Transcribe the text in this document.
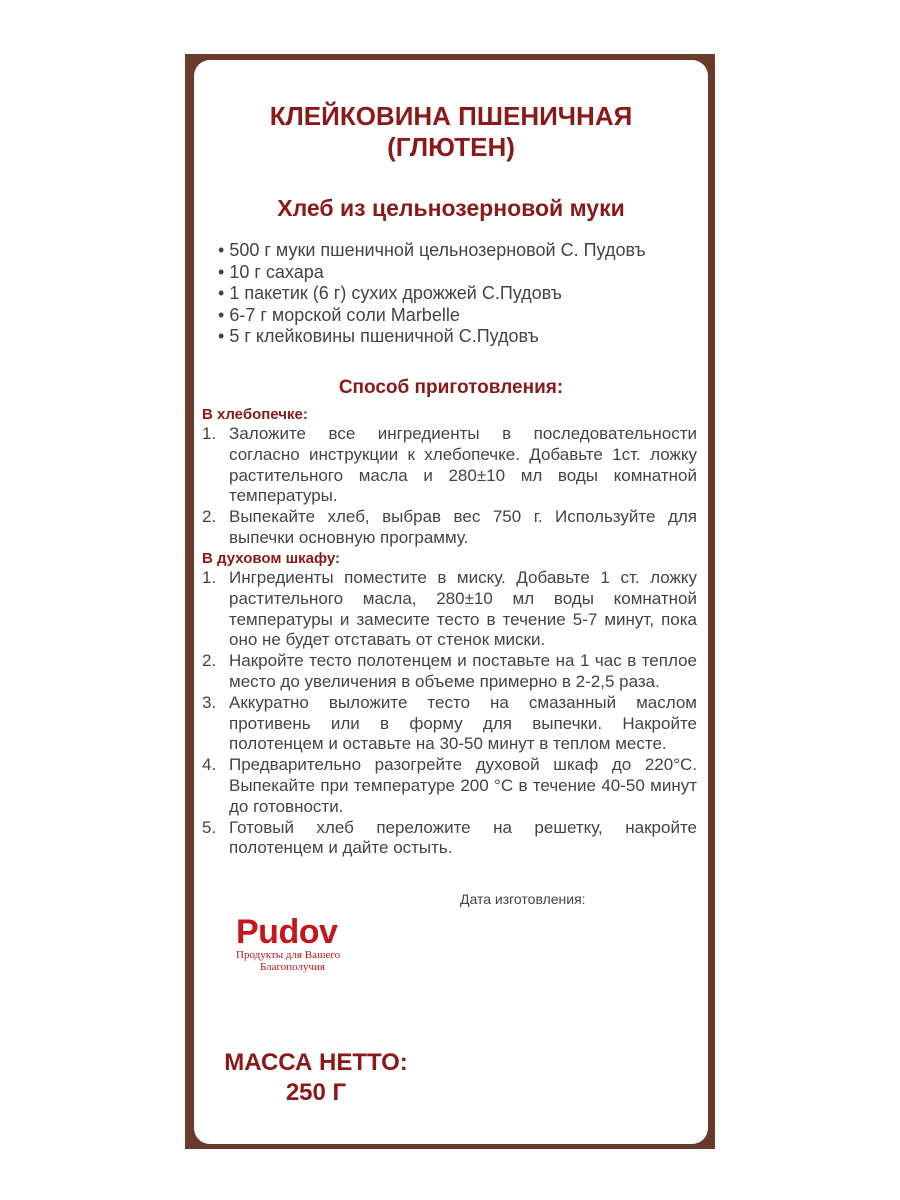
КЛЕЙКОВИНА ПШЕНИЧНАЯ
(ГЛЮТЕН)
Хлеб из цельнозерновой муки
• 500 г муки пшеничной цельнозерновой С. Пудовъ
• 10 г сахара
• 1 пакетик (6 г) сухих дрожжей С.Пудовъ
• 6-7 г морской соли Marbelle
• 5 г клейковины пшеничной С.Пудовъ
Способ приготовления:
В хлебопечке:
1. Заложите все ингредиенты в последовательности согласно инструкции к хлебопечке. Добавьте 1ст. ложку растительного масла и 280±10 мл воды комнатной температуры.
2. Выпекайте хлеб, выбрав вес 750 г. Используйте для выпечки основную программу.
В духовом шкафу:
1. Ингредиенты поместите в миску. Добавьте 1 ст. ложку растительного масла, 280±10 мл воды комнатной температуры и замесите тесто в течение 5-7 минут, пока оно не будет отставать от стенок миски.
2. Накройте тесто полотенцем и поставьте на 1 час в теплое место до увеличения в объеме примерно в 2-2,5 раза.
3. Аккуратно выложите тесто на смазанный маслом противень или в форму для выпечки. Накройте полотенцем и оставьте на 30-50 минут в теплом месте.
4. Предварительно разогрейте духовой шкаф до 220°С. Выпекайте при температуре 200 °С в течение 40-50 минут до готовности.
5. Готовый хлеб переложите на решетку, накройте полотенцем и дайте остыть.
Дата изготовления:
Pudov
Продукты для Вашего
Благополучия
МАССА НЕТТО:
250 Г
